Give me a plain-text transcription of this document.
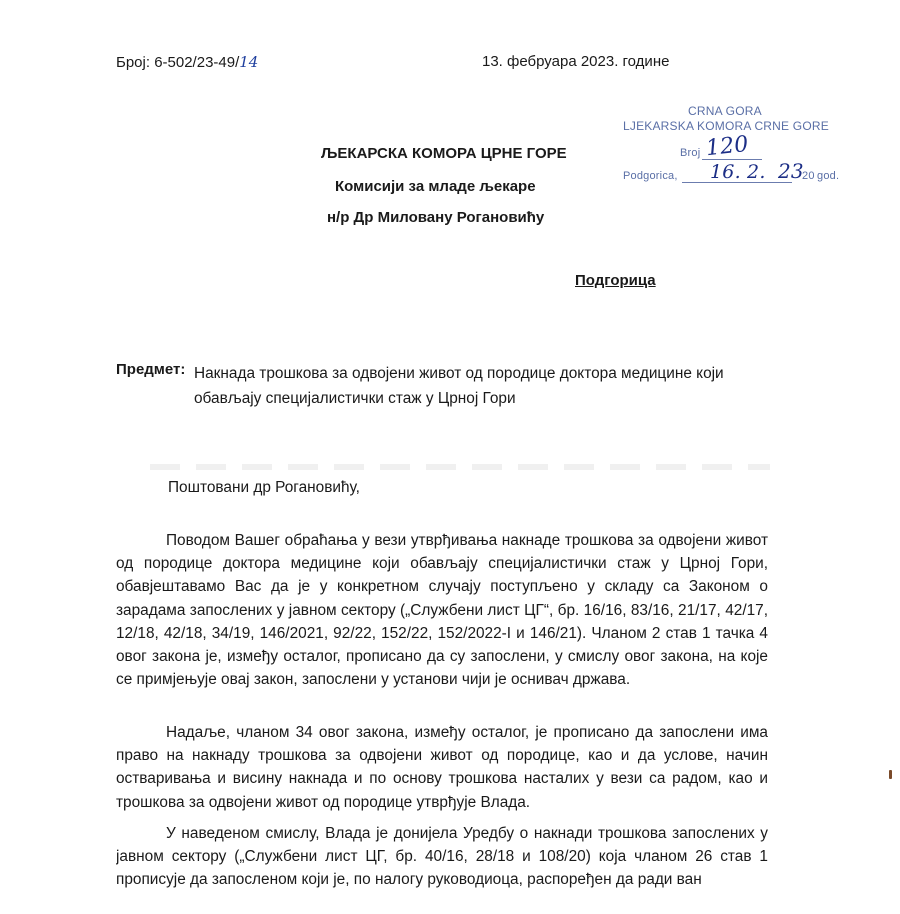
Број: 6-502/23-49/14	13. фебруара 2023. године
CRNA GORA
LJEKARSKA KOMORA CRNE GORE
Broj 120
Podgorica, 16. 2.	20
23 god.
ЉЕКАРСКА КОМОРА ЦРНЕ ГОРЕ
Комисији за младе љекаре
н/р Др Миловану Рогановићу
Подгорица
Предмет: Накнада трошкова за одвојени живот од породице доктора медицине који обављају специјалистички стаж у Црној Гори
Поштовани др Рогановићу,
Поводом Вашег обраћања у вези утврђивања накнаде трошкова за одвојени живот од породице доктора медицине који обављају специјалистички стаж у Црној Гори, обавјештавамо Вас да је у конкретном случају поступљено у складу са Законом о зарадама запослених у јавном сектору („Службени лист ЦГ“, бр. 16/16, 83/16, 21/17, 42/17, 12/18, 42/18, 34/19, 146/2021, 92/22, 152/22, 152/2022-I и 146/21). Чланом 2 став 1 тачка 4 овог закона је, између осталог, прописано да су запослени, у смислу овог закона, на које се примјењује овај закон, запослени у установи чији је оснивач држава.
Надаље, чланом 34 овог закона, између осталог, је прописано да запослени има право на накнаду трошкова за одвојени живот од породице, као и да услове, начин остваривања и висину накнада и по основу трошкова насталих у вези са радом, као и трошкова за одвојени живот од породице утврђује Влада.
У наведеном смислу, Влада је донијела Уредбу о накнади трошкова запослених у јавном сектору („Службени лист ЦГ, бр. 40/16, 28/18 и 108/20) која чланом 26 став 1 прописује да запосленом који је, по налогу руководиоца, распоређен да ради ван
